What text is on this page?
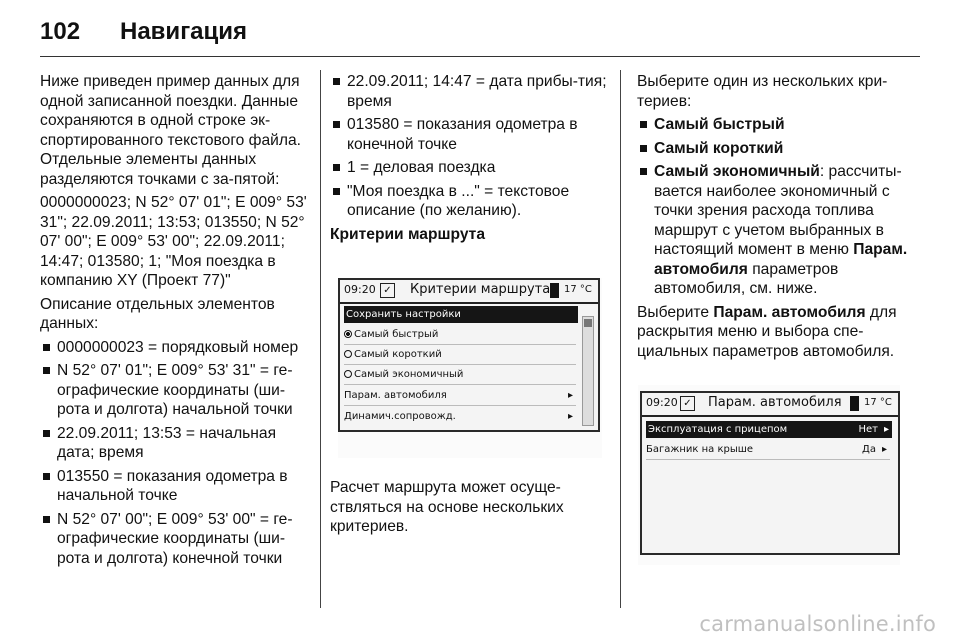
102 Навигация

Ниже приведен пример данных для одной записанной поездки. Данные сохраняются в одной строке эк-спортированного текстового файла. Отдельные элементы данных разделяются точками с за-пятой:

0000000023; N 52° 07' 01"; E 009° 53' 31"; 22.09.2011; 13:53; 013550; N 52° 07' 00"; E 009° 53' 00"; 22.09.2011; 14:47; 013580; 1; "Моя поездка в компанию XY (Проект 77)"

Описание отдельных элементов данных:

0000000023 = порядковый номер
N 52° 07' 01"; E 009° 53' 31" = ге-ографические координаты (ши-рота и долгота) начальной точки
22.09.2011; 13:53 = начальная дата; время
013550 = показания одометра в начальной точке
N 52° 07' 00"; E 009° 53' 00" = ге-ографические координаты (ши-рота и долгота) конечной точки
22.09.2011; 14:47 = дата прибы-тия; время
013580 = показания одометра в конечной точке
1 = деловая поездка
"Моя поездка в ..." = текстовое описание (по желанию).

Критерии маршрута

09:20 ✓ Критерии маршрута 17 °C
Сохранить настройки
Самый быстрый
Самый короткий
Самый экономичный
Парам. автомобиля	▸
Динамич.сопровожд.	▸

Расчет маршрута может осуще-ствляться на основе нескольких критериев.

Выберите один из нескольких кри-териев:

Самый быстрый
Самый короткий
Самый экономичный: рассчиты-вается наиболее экономичный с точки зрения расхода топлива маршрут с учетом выбранных в настоящий момент в меню Парам. автомобиля параметров автомобиля, см. ниже.

Выберите Парам. автомобиля для раскрытия меню и выбора спе-циальных параметров автомобиля.

09:20 ✓ Парам. автомобиля 17 °C
Эксплуатация с прицепом	Нет ▸
Багажник на крыше	Да ▸
carmanualsonline.info
